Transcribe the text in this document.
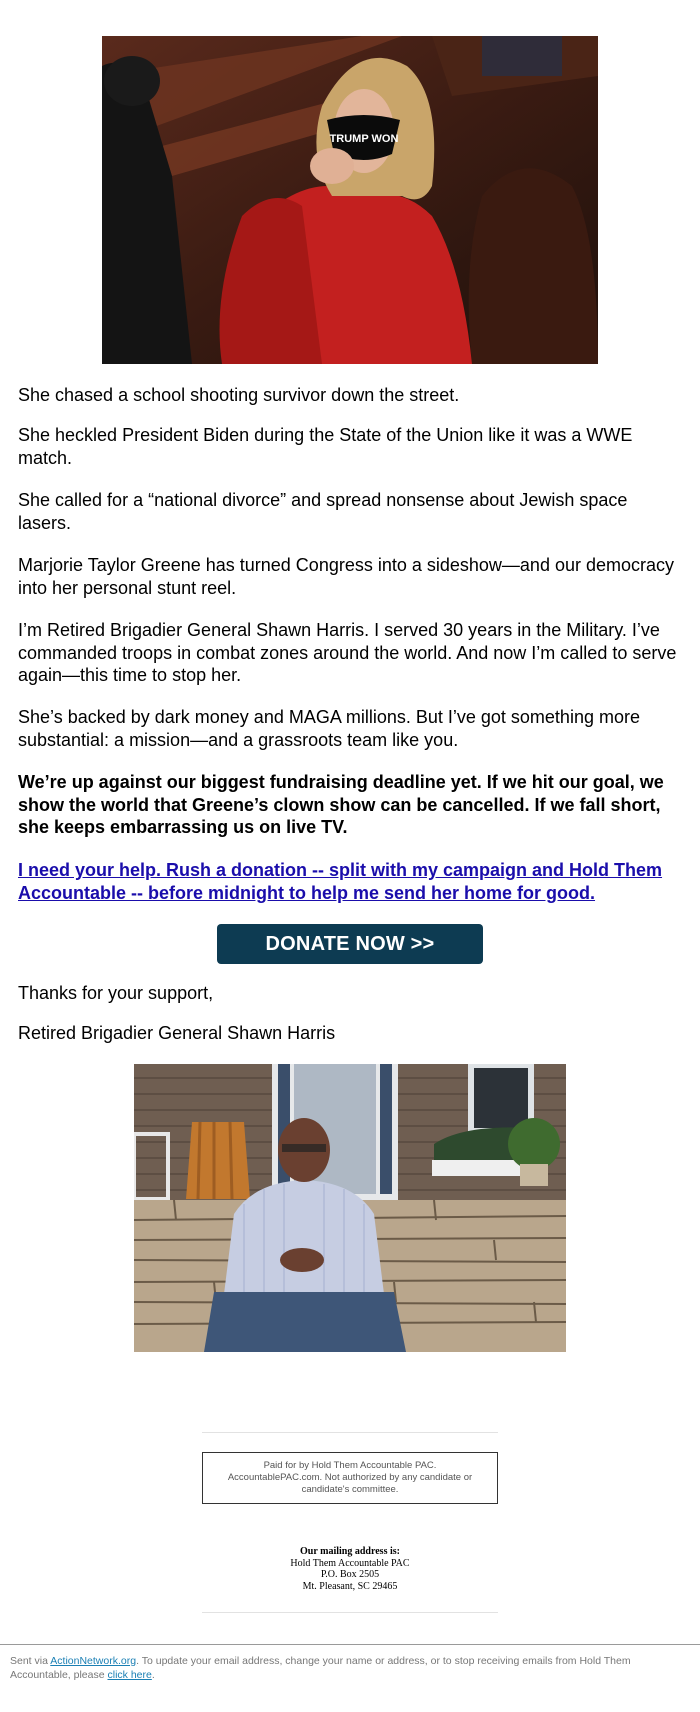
TRUMP WON

She chased a school shooting survivor down the street.

She heckled President Biden during the State of the Union like it was a WWE match.

She called for a “national divorce” and spread nonsense about Jewish space lasers.

Marjorie Taylor Greene has turned Congress into a sideshow—and our democracy into her personal stunt reel.

I’m Retired Brigadier General Shawn Harris. I served 30 years in the Military. I’ve commanded troops in combat zones around the world. And now I’m called to serve again—this time to stop her.

She’s backed by dark money and MAGA millions. But I’ve got something more substantial: a mission—and a grassroots team like you.

We’re up against our biggest fundraising deadline yet. If we hit our goal, we show the world that Greene’s clown show can be cancelled. If we fall short, she keeps embarrassing us on live TV.

I need your help. Rush a donation -- split with my campaign and Hold Them Accountable -- before midnight to help me send her home for good.
DONATE NOW >>

Thanks for your support,

Retired Brigadier General Shawn Harris

Paid for by Hold Them Accountable PAC. AccountablePAC.com. Not authorized by any candidate or candidate's committee.
Our mailing address is:
Hold Them Accountable PAC
P.O. Box 2505
Mt. Pleasant, SC 29465

Sent via ActionNetwork.org. To update your email address, change your name or address, or to stop receiving emails from Hold Them Accountable, please click here.
